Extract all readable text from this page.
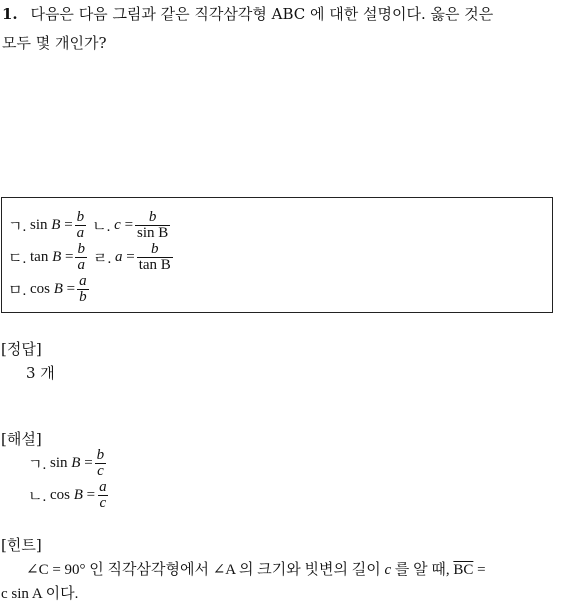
1. 다음은 다음 그림과 같은 직각삼각형 ABC 에 대한 설명이다. 옳은 것은
모두 몇 개인가?
ㄱ.
sin
B
= $\frac{b}{a}$ ㄴ.
c
= $\frac{b}{\text{sin B}}$
ㄷ.
tan
B
= $\frac{b}{a}$ ㄹ.
a
= $\frac{b}{\text{tan B}}$
ㅁ.
cos
B
= $\frac{a}{b}$
[정답]
3 개
[해설]
ㄱ.
sin
B
= $\frac{b}{c}$
ㄴ.
cos
B
= $\frac{a}{c}$
[힌트]
∠C = 90° 인 직각삼각형에서 ∠A 의 크기와 빗변의 길이 c 를 알 때, $\overline{BC}$ =
c sin A 이다.
